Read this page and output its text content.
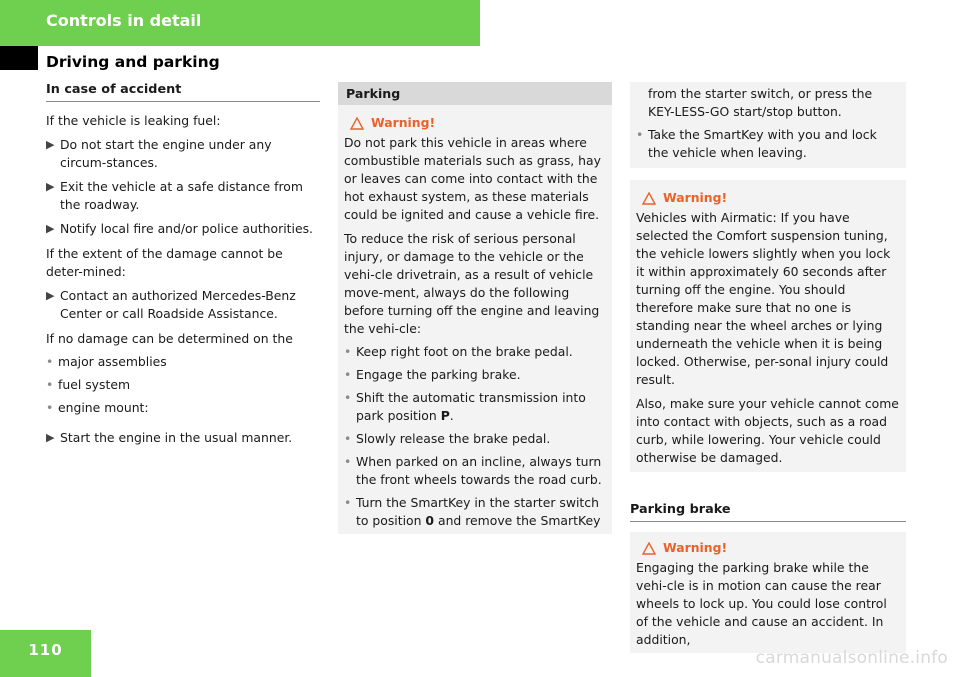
Controls in detail
Driving and parking
In case of accident
If the vehicle is leaking fuel:
▶ Do not start the engine under any circum-stances.
▶ Exit the vehicle at a safe distance from the roadway.
▶ Notify local fire and/or police authorities.
If the extent of the damage cannot be deter-mined:
▶ Contact an authorized Mercedes-Benz Center or call Roadside Assistance.
If no damage can be determined on the
• major assemblies
• fuel system
• engine mount:
▶ Start the engine in the usual manner.
Parking
Warning!
Do not park this vehicle in areas where combustible materials such as grass, hay or leaves can come into contact with the hot exhaust system, as these materials could be ignited and cause a vehicle fire.
To reduce the risk of serious personal injury, or damage to the vehicle or the vehi-cle drivetrain, as a result of vehicle move-ment, always do the following before turning off the engine and leaving the vehi-cle:
• Keep right foot on the brake pedal.
• Engage the parking brake.
• Shift the automatic transmission into park position P.
• Slowly release the brake pedal.
• When parked on an incline, always turn the front wheels towards the road curb.
• Turn the SmartKey in the starter switch to position 0 and remove the SmartKey
from the starter switch, or press the KEY-LESS-GO start/stop button.
• Take the SmartKey with you and lock the vehicle when leaving.
Warning!
Vehicles with Airmatic: If you have selected the Comfort suspension tuning, the vehicle lowers slightly when you lock it within approximately 60 seconds after turning off the engine. You should therefore make sure that no one is standing near the wheel arches or lying underneath the vehicle when it is being locked. Otherwise, per-sonal injury could result.
Also, make sure your vehicle cannot come into contact with objects, such as a road curb, while lowering. Your vehicle could otherwise be damaged.
Parking brake
Warning!
Engaging the parking brake while the vehi-cle is in motion can cause the rear wheels to lock up. You could lose control of the vehicle and cause an accident. In addition,
110	carmanualsonline.info
